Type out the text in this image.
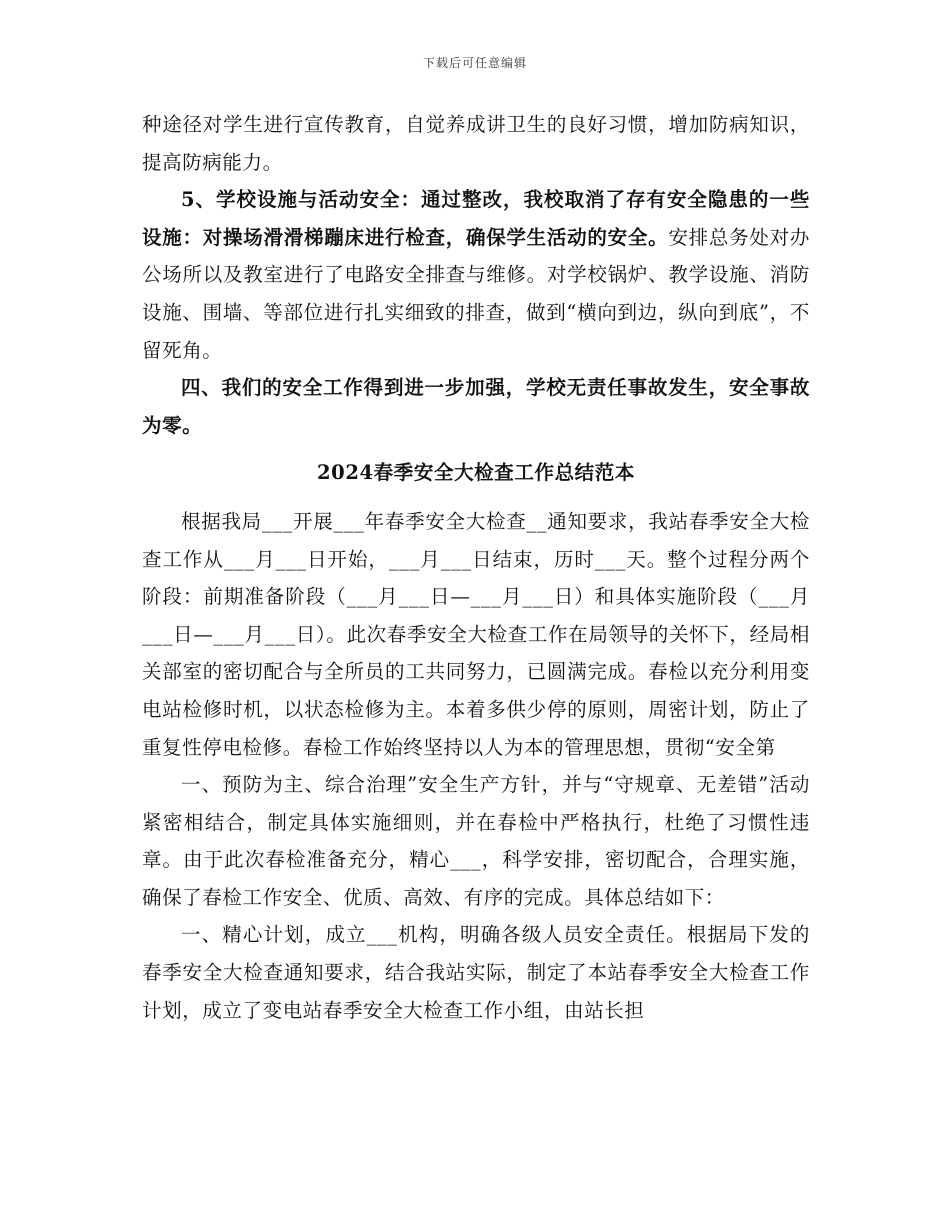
下载后可任意编辑

种途径对学生进行宣传教育，自觉养成讲卫生的良好习惯，增加防病知识，提高防病能力。

5、学校设施与活动安全：通过整改，我校取消了存有安全隐患的一些设施：对操场滑滑梯蹦床进行检查，确保学生活动的安全。安排总务处对办公场所以及教室进行了电路安全排查与维修。对学校锅炉、教学设施、消防设施、围墙、等部位进行扎实细致的排查，做到“横向到边，纵向到底”，不留死角。

四、我们的安全工作得到进一步加强，学校无责任事故发生，安全事故为零。

2024春季安全大检查工作总结范本

根据我局___开展___年春季安全大检查__通知要求，我站春季安全大检查工作从___月___日开始，___月___日结束，历时___天。整个过程分两个阶段：前期准备阶段（___月___日—___月___日）和具体实施阶段（___月___日—___月___日）。此次春季安全大检查工作在局领导的关怀下，经局相关部室的密切配合与全所员的工共同努力，已圆满完成。春检以充分利用变电站检修时机，以状态检修为主。本着多供少停的原则，周密计划，防止了重复性停电检修。春检工作始终坚持以人为本的管理思想，贯彻“安全第

一、预防为主、综合治理”安全生产方针，并与“守规章、无差错”活动紧密相结合，制定具体实施细则，并在春检中严格执行，杜绝了习惯性违章。由于此次春检准备充分，精心___，科学安排，密切配合，合理实施，确保了春检工作安全、优质、高效、有序的完成。具体总结如下：

一、精心计划，成立___机构，明确各级人员安全责任。根据局下发的春季安全大检查通知要求，结合我站实际，制定了本站春季安全大检查工作计划，成立了变电站春季安全大检查工作小组，由站长担
